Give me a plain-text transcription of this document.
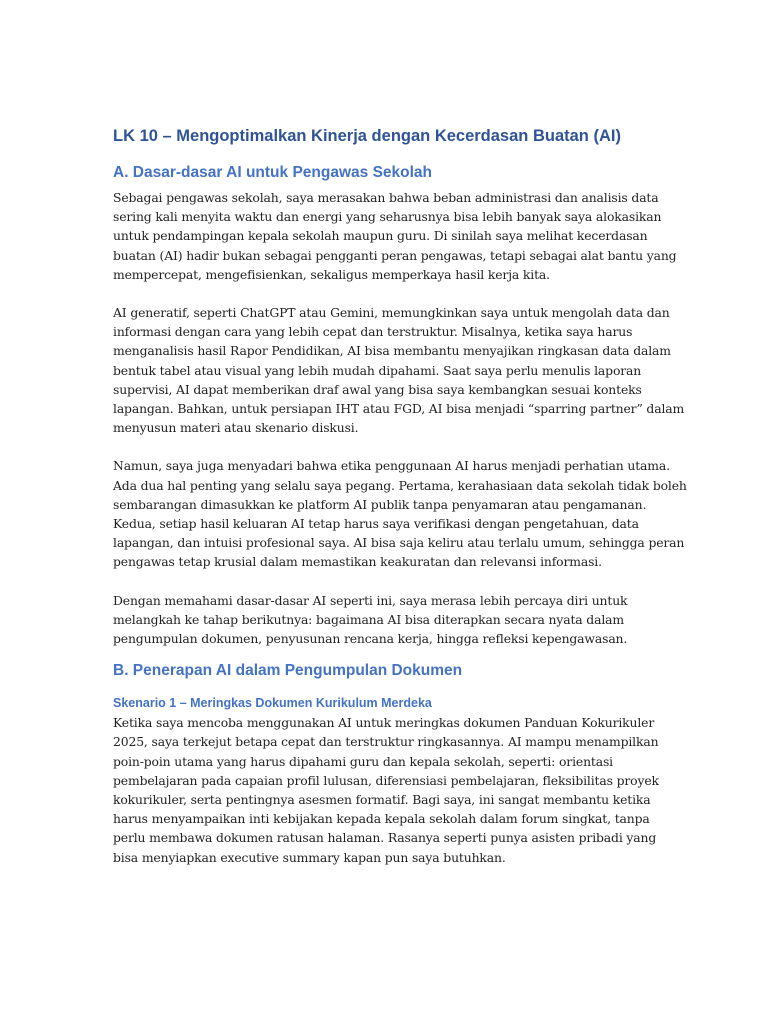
LK 10 – Mengoptimalkan Kinerja dengan Kecerdasan Buatan (AI)
A. Dasar-dasar AI untuk Pengawas Sekolah

Sebagai pengawas sekolah, saya merasakan bahwa beban administrasi dan analisis data
sering kali menyita waktu dan energi yang seharusnya bisa lebih banyak saya alokasikan
untuk pendampingan kepala sekolah maupun guru. Di sinilah saya melihat kecerdasan
buatan (AI) hadir bukan sebagai pengganti peran pengawas, tetapi sebagai alat bantu yang
mempercepat, mengefisienkan, sekaligus memperkaya hasil kerja kita.

AI generatif, seperti ChatGPT atau Gemini, memungkinkan saya untuk mengolah data dan
informasi dengan cara yang lebih cepat dan terstruktur. Misalnya, ketika saya harus
menganalisis hasil Rapor Pendidikan, AI bisa membantu menyajikan ringkasan data dalam
bentuk tabel atau visual yang lebih mudah dipahami. Saat saya perlu menulis laporan
supervisi, AI dapat memberikan draf awal yang bisa saya kembangkan sesuai konteks
lapangan. Bahkan, untuk persiapan IHT atau FGD, AI bisa menjadi “sparring partner” dalam
menyusun materi atau skenario diskusi.

Namun, saya juga menyadari bahwa etika penggunaan AI harus menjadi perhatian utama.
Ada dua hal penting yang selalu saya pegang. Pertama, kerahasiaan data sekolah tidak boleh
sembarangan dimasukkan ke platform AI publik tanpa penyamaran atau pengamanan.
Kedua, setiap hasil keluaran AI tetap harus saya verifikasi dengan pengetahuan, data
lapangan, dan intuisi profesional saya. AI bisa saja keliru atau terlalu umum, sehingga peran
pengawas tetap krusial dalam memastikan keakuratan dan relevansi informasi.

Dengan memahami dasar-dasar AI seperti ini, saya merasa lebih percaya diri untuk
melangkah ke tahap berikutnya: bagaimana AI bisa diterapkan secara nyata dalam
pengumpulan dokumen, penyusunan rencana kerja, hingga refleksi kepengawasan.

B. Penerapan AI dalam Pengumpulan Dokumen
Skenario 1 – Meringkas Dokumen Kurikulum Merdeka

Ketika saya mencoba menggunakan AI untuk meringkas dokumen Panduan Kokurikuler
2025, saya terkejut betapa cepat dan terstruktur ringkasannya. AI mampu menampilkan
poin-poin utama yang harus dipahami guru dan kepala sekolah, seperti: orientasi
pembelajaran pada capaian profil lulusan, diferensiasi pembelajaran, fleksibilitas proyek
kokurikuler, serta pentingnya asesmen formatif. Bagi saya, ini sangat membantu ketika
harus menyampaikan inti kebijakan kepada kepala sekolah dalam forum singkat, tanpa
perlu membawa dokumen ratusan halaman. Rasanya seperti punya asisten pribadi yang
bisa menyiapkan executive summary kapan pun saya butuhkan.
